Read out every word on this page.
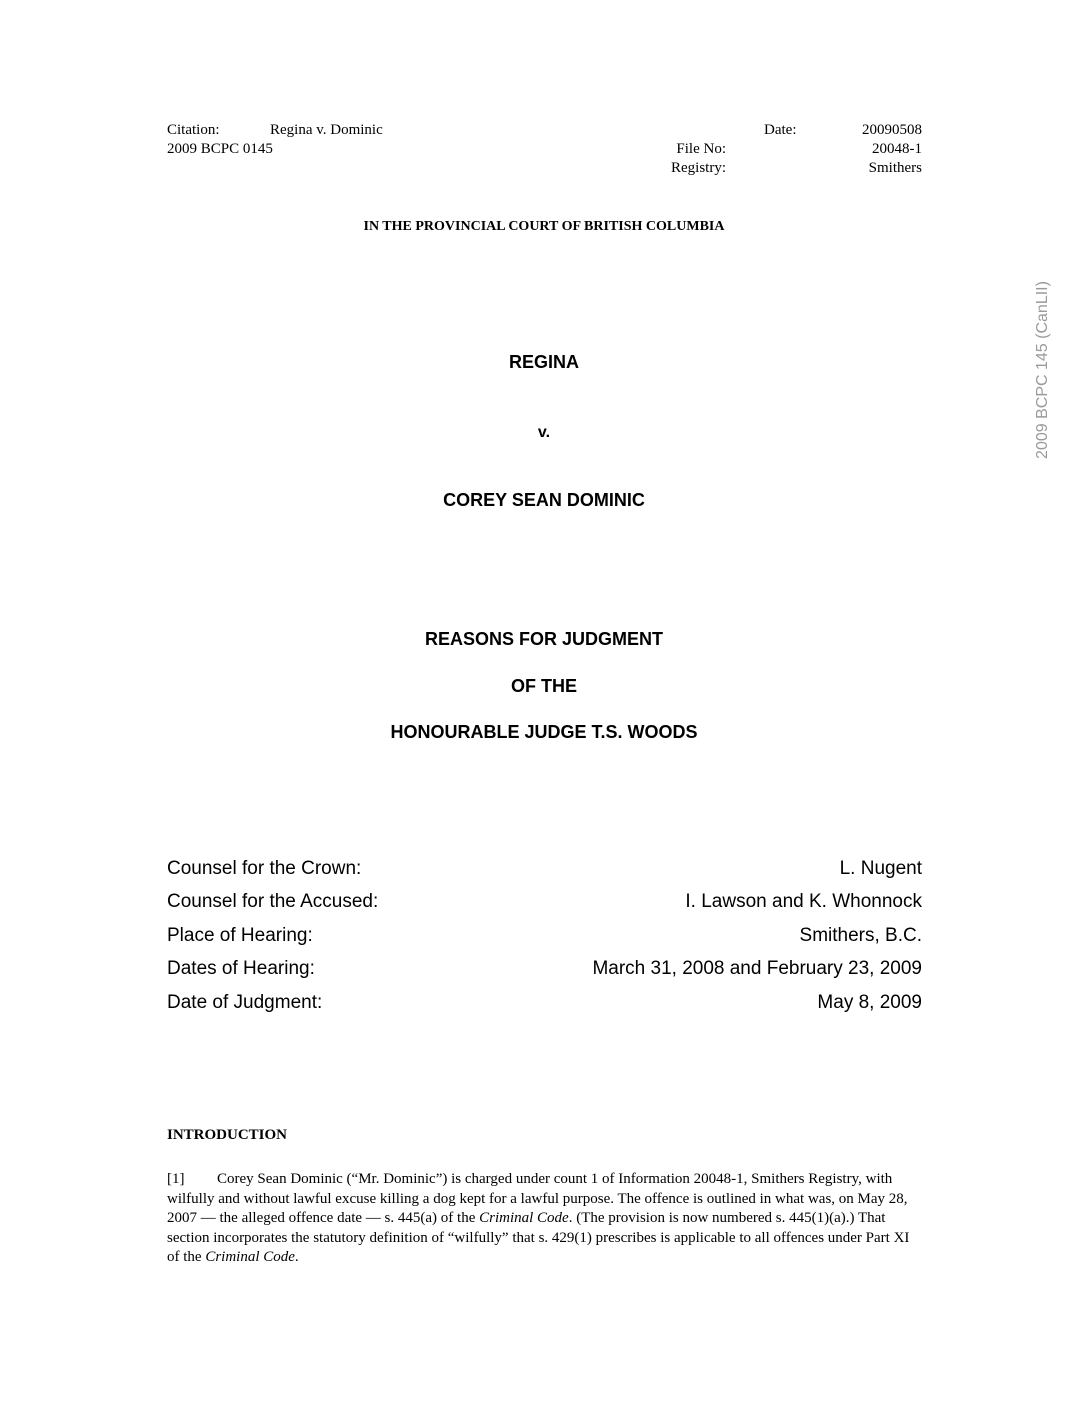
Citation:	Regina v. Dominic
2009 BCPC 0145
Date:	20090508
File No:	20048-1
Registry:	Smithers
IN THE PROVINCIAL COURT OF BRITISH COLUMBIA
REGINA
v.
COREY SEAN DOMINIC
REASONS FOR JUDGMENT
OF THE
HONOURABLE JUDGE T.S. WOODS
Counsel for the Crown:	L. Nugent
Counsel for the Accused:	I. Lawson and K. Whonnock
Place of Hearing:	Smithers, B.C.
Dates of Hearing:	March 31, 2008 and February 23, 2009
Date of Judgment:	May 8, 2009
INTRODUCTION
[1] Corey Sean Dominic (“Mr. Dominic”) is charged under count 1 of Information 20048-1, Smithers Registry, with wilfully and without lawful excuse killing a dog kept for a lawful purpose. The offence is outlined in what was, on May 28, 2007 — the alleged offence date — s. 445(a) of the Criminal Code. (The provision is now numbered s. 445(1)(a).) That section incorporates the statutory definition of “wilfully” that s. 429(1) prescribes is applicable to all offences under Part XI of the Criminal Code.
2009 BCPC 145 (CanLII)
